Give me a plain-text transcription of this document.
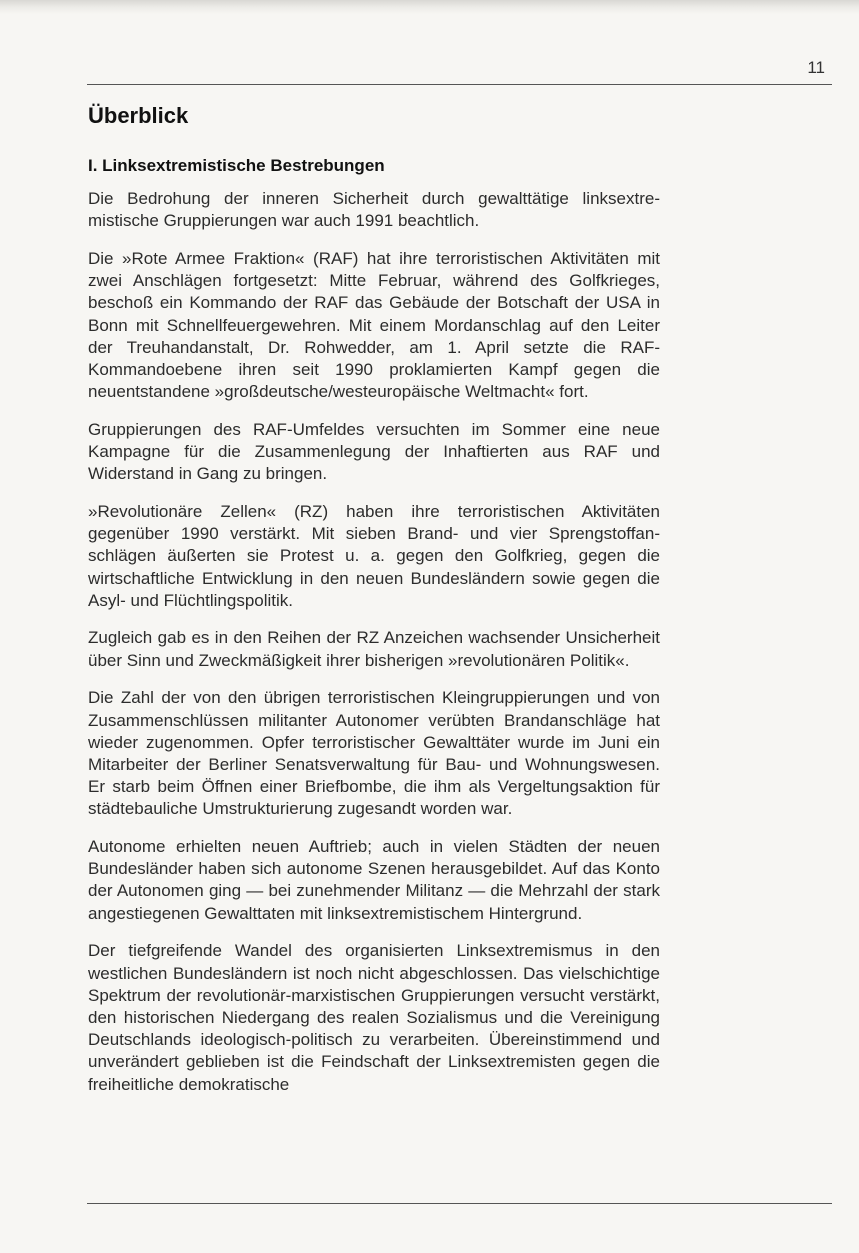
11
Überblick
I. Linksextremistische Bestrebungen

Die Bedrohung der inneren Sicherheit durch gewalttätige linksextremistische Gruppierungen war auch 1991 beachtlich.

Die »Rote Armee Fraktion« (RAF) hat ihre terroristischen Aktivitäten mit zwei Anschlägen fortgesetzt: Mitte Februar, während des Golfkrieges, beschoß ein Kommando der RAF das Gebäude der Botschaft der USA in Bonn mit Schnellfeuergewehren. Mit einem Mordanschlag auf den Leiter der Treuhandanstalt, Dr. Rohwedder, am 1. April setzte die RAF-Kommandoebene ihren seit 1990 proklamierten Kampf gegen die neuentstandene »großdeutsche/westeuropäische Weltmacht« fort.

Gruppierungen des RAF-Umfeldes versuchten im Sommer eine neue Kampagne für die Zusammenlegung der Inhaftierten aus RAF und Widerstand in Gang zu bringen.

»Revolutionäre Zellen« (RZ) haben ihre terroristischen Aktivitäten gegenüber 1990 verstärkt. Mit sieben Brand- und vier Sprengstoffanschlägen äußerten sie Protest u. a. gegen den Golfkrieg, gegen die wirtschaftliche Entwicklung in den neuen Bundesländern sowie gegen die Asyl- und Flüchtlingspolitik.

Zugleich gab es in den Reihen der RZ Anzeichen wachsender Unsicherheit über Sinn und Zweckmäßigkeit ihrer bisherigen »revolutionären Politik«.

Die Zahl der von den übrigen terroristischen Kleingruppierungen und von Zusammenschlüssen militanter Autonomer verübten Brandanschläge hat wieder zugenommen. Opfer terroristischer Gewalttäter wurde im Juni ein Mitarbeiter der Berliner Senatsverwaltung für Bau- und Wohnungswesen. Er starb beim Öffnen einer Briefbombe, die ihm als Vergeltungsaktion für städtebauliche Umstrukturierung zugesandt worden war.

Autonome erhielten neuen Auftrieb; auch in vielen Städten der neuen Bundesländer haben sich autonome Szenen herausgebildet. Auf das Konto der Autonomen ging — bei zunehmender Militanz — die Mehrzahl der stark angestiegenen Gewalttaten mit linksextremistischem Hintergrund.

Der tiefgreifende Wandel des organisierten Linksextremismus in den westlichen Bundesländern ist noch nicht abgeschlossen. Das vielschichtige Spektrum der revolutionär-marxistischen Gruppierungen versucht verstärkt, den historischen Niedergang des realen Sozialismus und die Vereinigung Deutschlands ideologisch-politisch zu verarbeiten. Übereinstimmend und unverändert geblieben ist die Feindschaft der Linksextremisten gegen die freiheitliche demokratische
